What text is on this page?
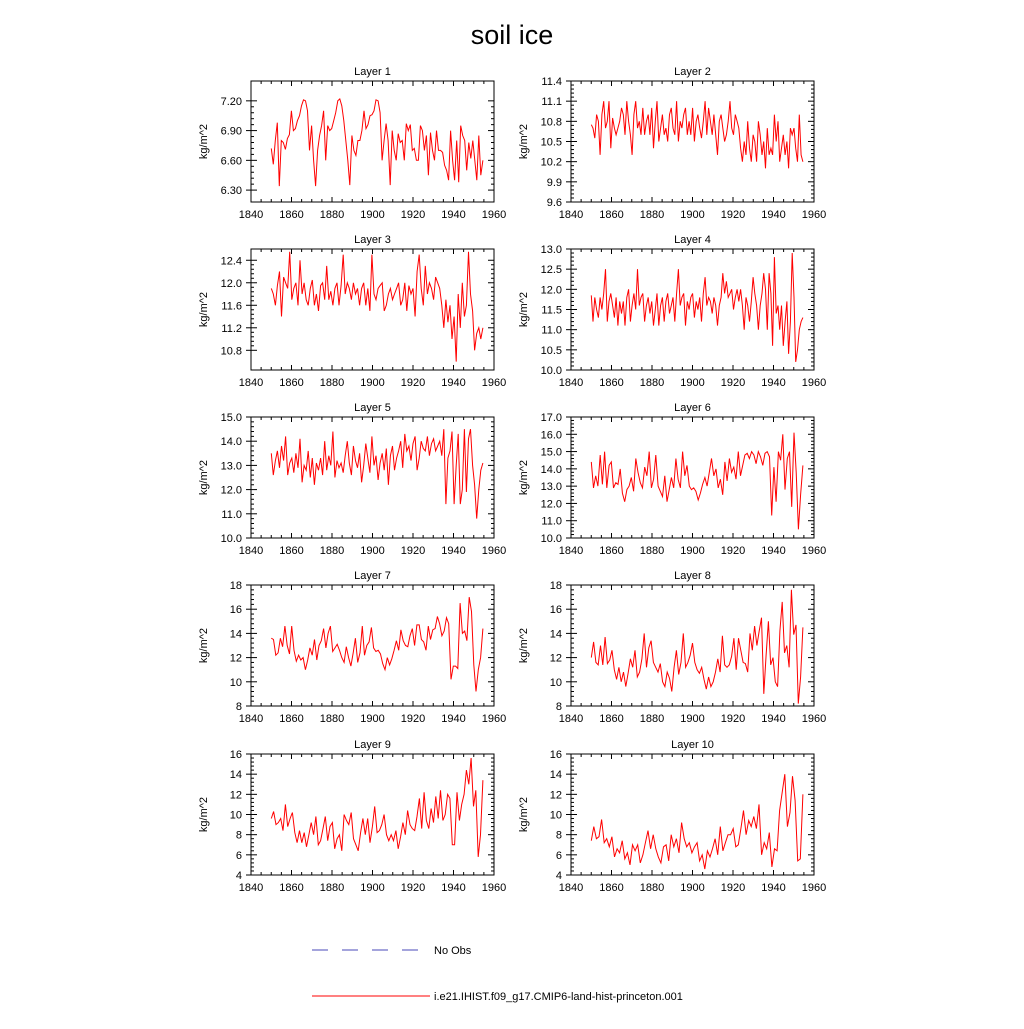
soil ice
Layer 1
kg/m^2
1840 1860 1880 1900 1920 1940 1960
6.30
6.60
6.90
7.20
Layer 2
kg/m^2
1840 1860 1880 1900 1920 1940 1960
9.6
9.9
10.2
10.5
10.8
11.1
11.4
Layer 3
kg/m^2
1840 1860 1880 1900 1920 1940 1960
10.8
11.2
11.6
12.0
12.4
Layer 4
kg/m^2
1840 1860 1880 1900 1920 1940 1960
10.0
10.5
11.0
11.5
12.0
12.5
13.0
Layer 5
kg/m^2
1840 1860 1880 1900 1920 1940 1960
10.0
11.0
12.0
13.0
14.0
15.0
Layer 6
kg/m^2
1840 1860 1880 1900 1920 1940 1960
10.0
11.0
12.0
13.0
14.0
15.0
16.0
17.0
Layer 7
kg/m^2
1840 1860 1880 1900 1920 1940 1960
8
10
12
14
16
18
Layer 8
kg/m^2
1840 1860 1880 1900 1920 1940 1960
8
10
12
14
16
18
Layer 9
kg/m^2
1840 1860 1880 1900 1920 1940 1960
4
6
8
10
12
14
16
Layer 10
kg/m^2
1840 1860 1880 1900 1920 1940 1960
4
6
8
10
12
14
16
No Obs
i.e21.IHIST.f09_g17.CMIP6-land-hist-princeton.001
